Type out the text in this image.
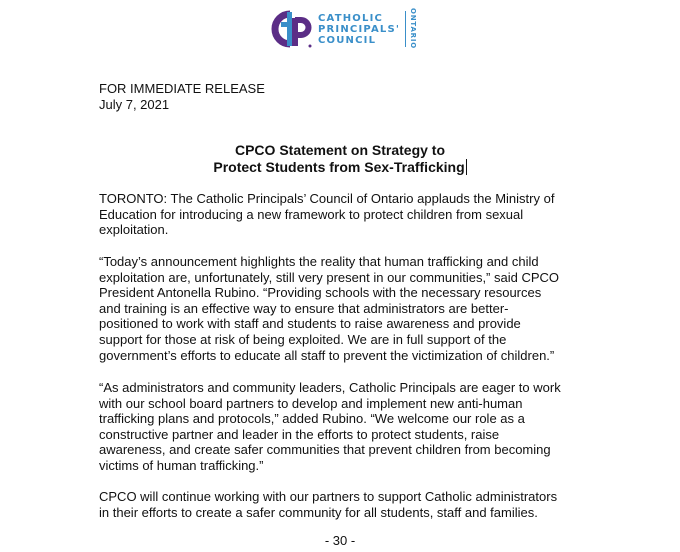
CATHOLIC
PRINCIPALS'
COUNCIL	ONTARIO
FOR IMMEDIATE RELEASE
July 7, 2021
CPCO Statement on Strategy to
Protect Students from Sex-Trafficking
TORONTO: The Catholic Principals’ Council of Ontario applauds the Ministry of
Education for introducing a new framework to protect children from sexual
exploitation.
“Today’s announcement highlights the reality that human trafficking and child
exploitation are, unfortunately, still very present in our communities,” said CPCO
President Antonella Rubino. “Providing schools with the necessary resources
and training is an effective way to ensure that administrators are better-
positioned to work with staff and students to raise awareness and provide
support for those at risk of being exploited. We are in full support of the
government’s efforts to educate all staff to prevent the victimization of children.”
“As administrators and community leaders, Catholic Principals are eager to work
with our school board partners to develop and implement new anti-human
trafficking plans and protocols,” added Rubino. “We welcome our role as a
constructive partner and leader in the efforts to protect students, raise
awareness, and create safer communities that prevent children from becoming
victims of human trafficking.”
CPCO will continue working with our partners to support Catholic administrators
in their efforts to create a safer community for all students, staff and families.
- 30 -
